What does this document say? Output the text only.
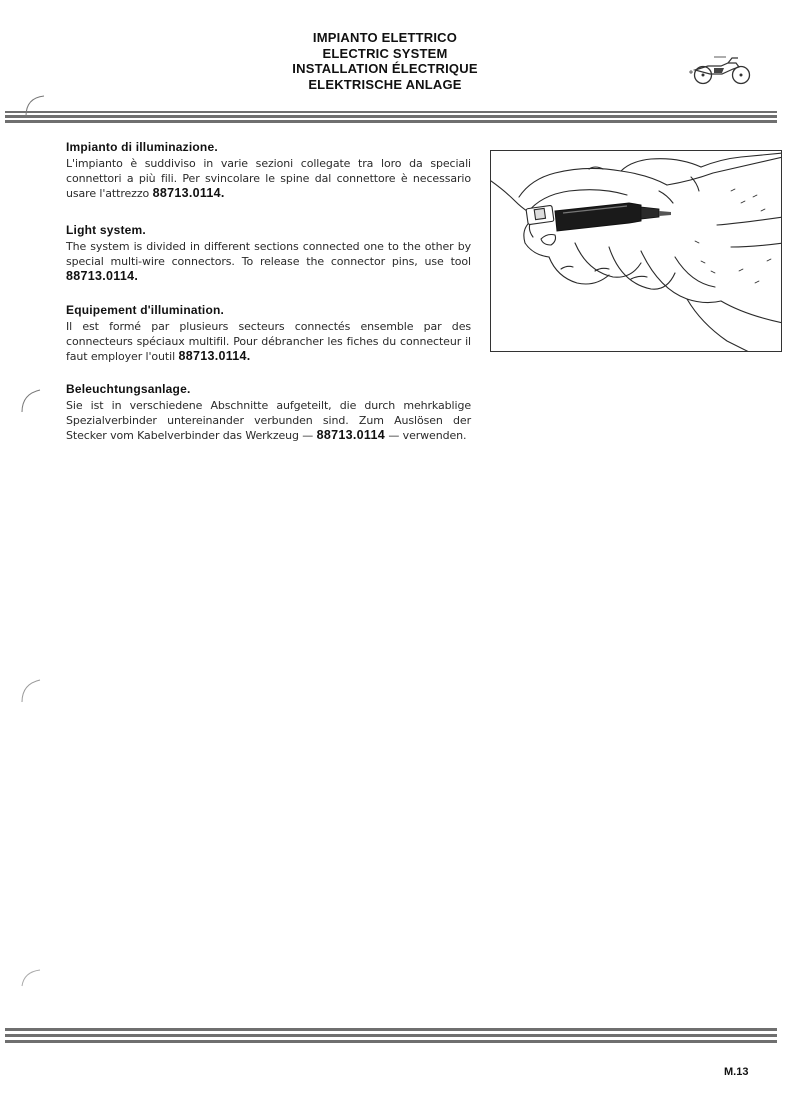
IMPIANTO ELETTRICO
ELECTRIC SYSTEM
INSTALLATION ÉLECTRIQUE
ELEKTRISCHE ANLAGE
Impianto di illuminazione.

L'impianto è suddiviso in varie sezioni collegate tra loro da speciali connettori a più fili. Per svincolare le spine dal connettore è necessario usare l'attrezzo 88713.0114.

Light system.

The system is divided in different sections connected one to the other by special multi-wire connectors. To release the connector pins, use tool 88713.0114.

Equipement d'illumination.

Il est formé par plusieurs secteurs connectés ensemble par des connecteurs spéciaux multifil. Pour débrancher les fiches du connecteur il faut employer l'outil 88713.0114.

Beleuchtungsanlage.

Sie ist in verschiedene Abschnitte aufgeteilt, die durch mehrkablige Spezialverbinder untereinander verbunden sind. Zum Auslösen der Stecker vom Kabelverbinder das Werkzeug — 88713.0114 — verwenden.

M.13
